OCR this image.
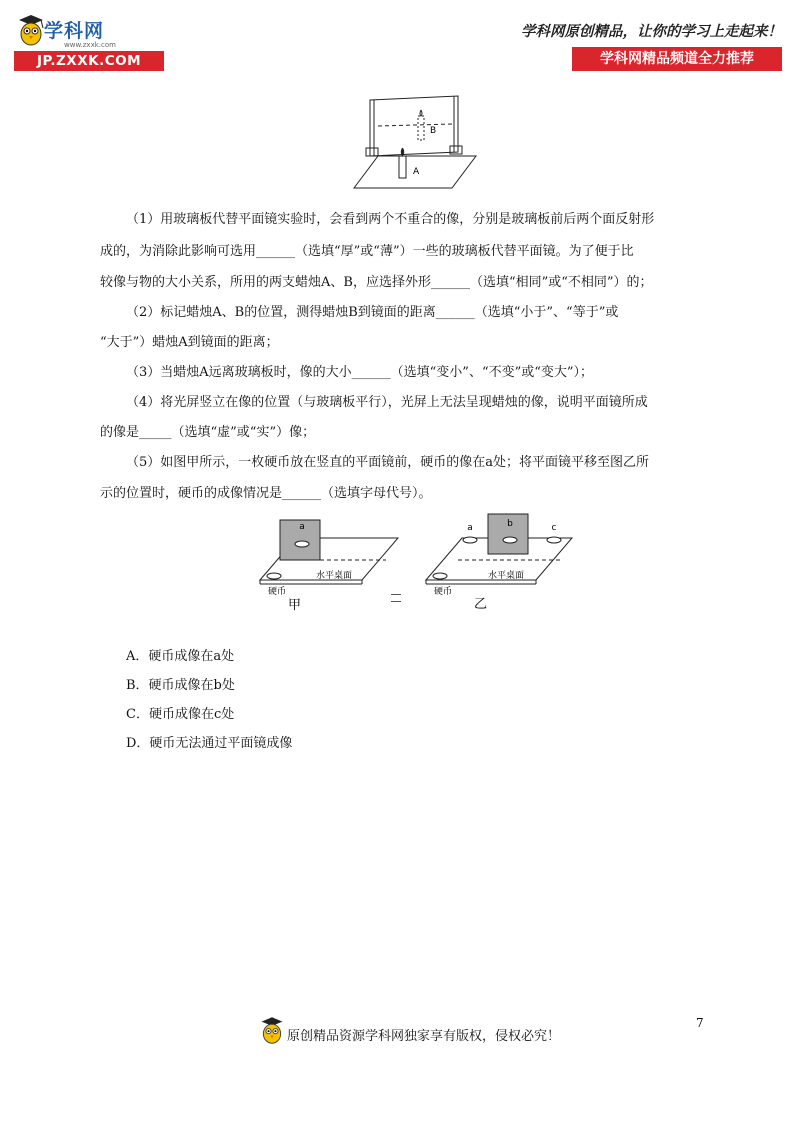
学科网
www.zxxk.com
JP.ZXXK.COM
学科网原创精品，让你的学习上走起来！
学科网精品频道全力推荐
B
A
（1）用玻璃板代替平面镜实验时，会看到两个不重合的像，分别是玻璃板前后两个面反射形
成的，为消除此影响可选用______（选填“厚”或“薄”）一些的玻璃板代替平面镜。为了便于比
较像与物的大小关系，所用的两支蜡烛A、B，应选择外形______（选填“相同”或“不相同”）的；
（2）标记蜡烛A、B的位置，测得蜡烛B到镜面的距离______（选填“小于”、“等于”或
“大于”）蜡烛A到镜面的距离；
（3）当蜡烛A远离玻璃板时，像的大小______（选填“变小”、“不变”或“变大”）；
（4）将光屏竖立在像的位置（与玻璃板平行），光屏上无法呈现蜡烛的像，说明平面镜所成
的像是_____（选填“虚”或“实”）像；
（5）如图甲所示，一枚硬币放在竖直的平面镜前，硬币的像在a处；将平面镜平移至图乙所
示的位置时，硬币的成像情况是______（选填字母代号）。
a
水平桌面
硬币
甲
a	b	c
水平桌面
硬币
乙
A．硬币成像在a处
B．硬币成像在b处
C．硬币成像在c处
D．硬币无法通过平面镜成像
7
原创精品资源学科网独家享有版权，侵权必究！
